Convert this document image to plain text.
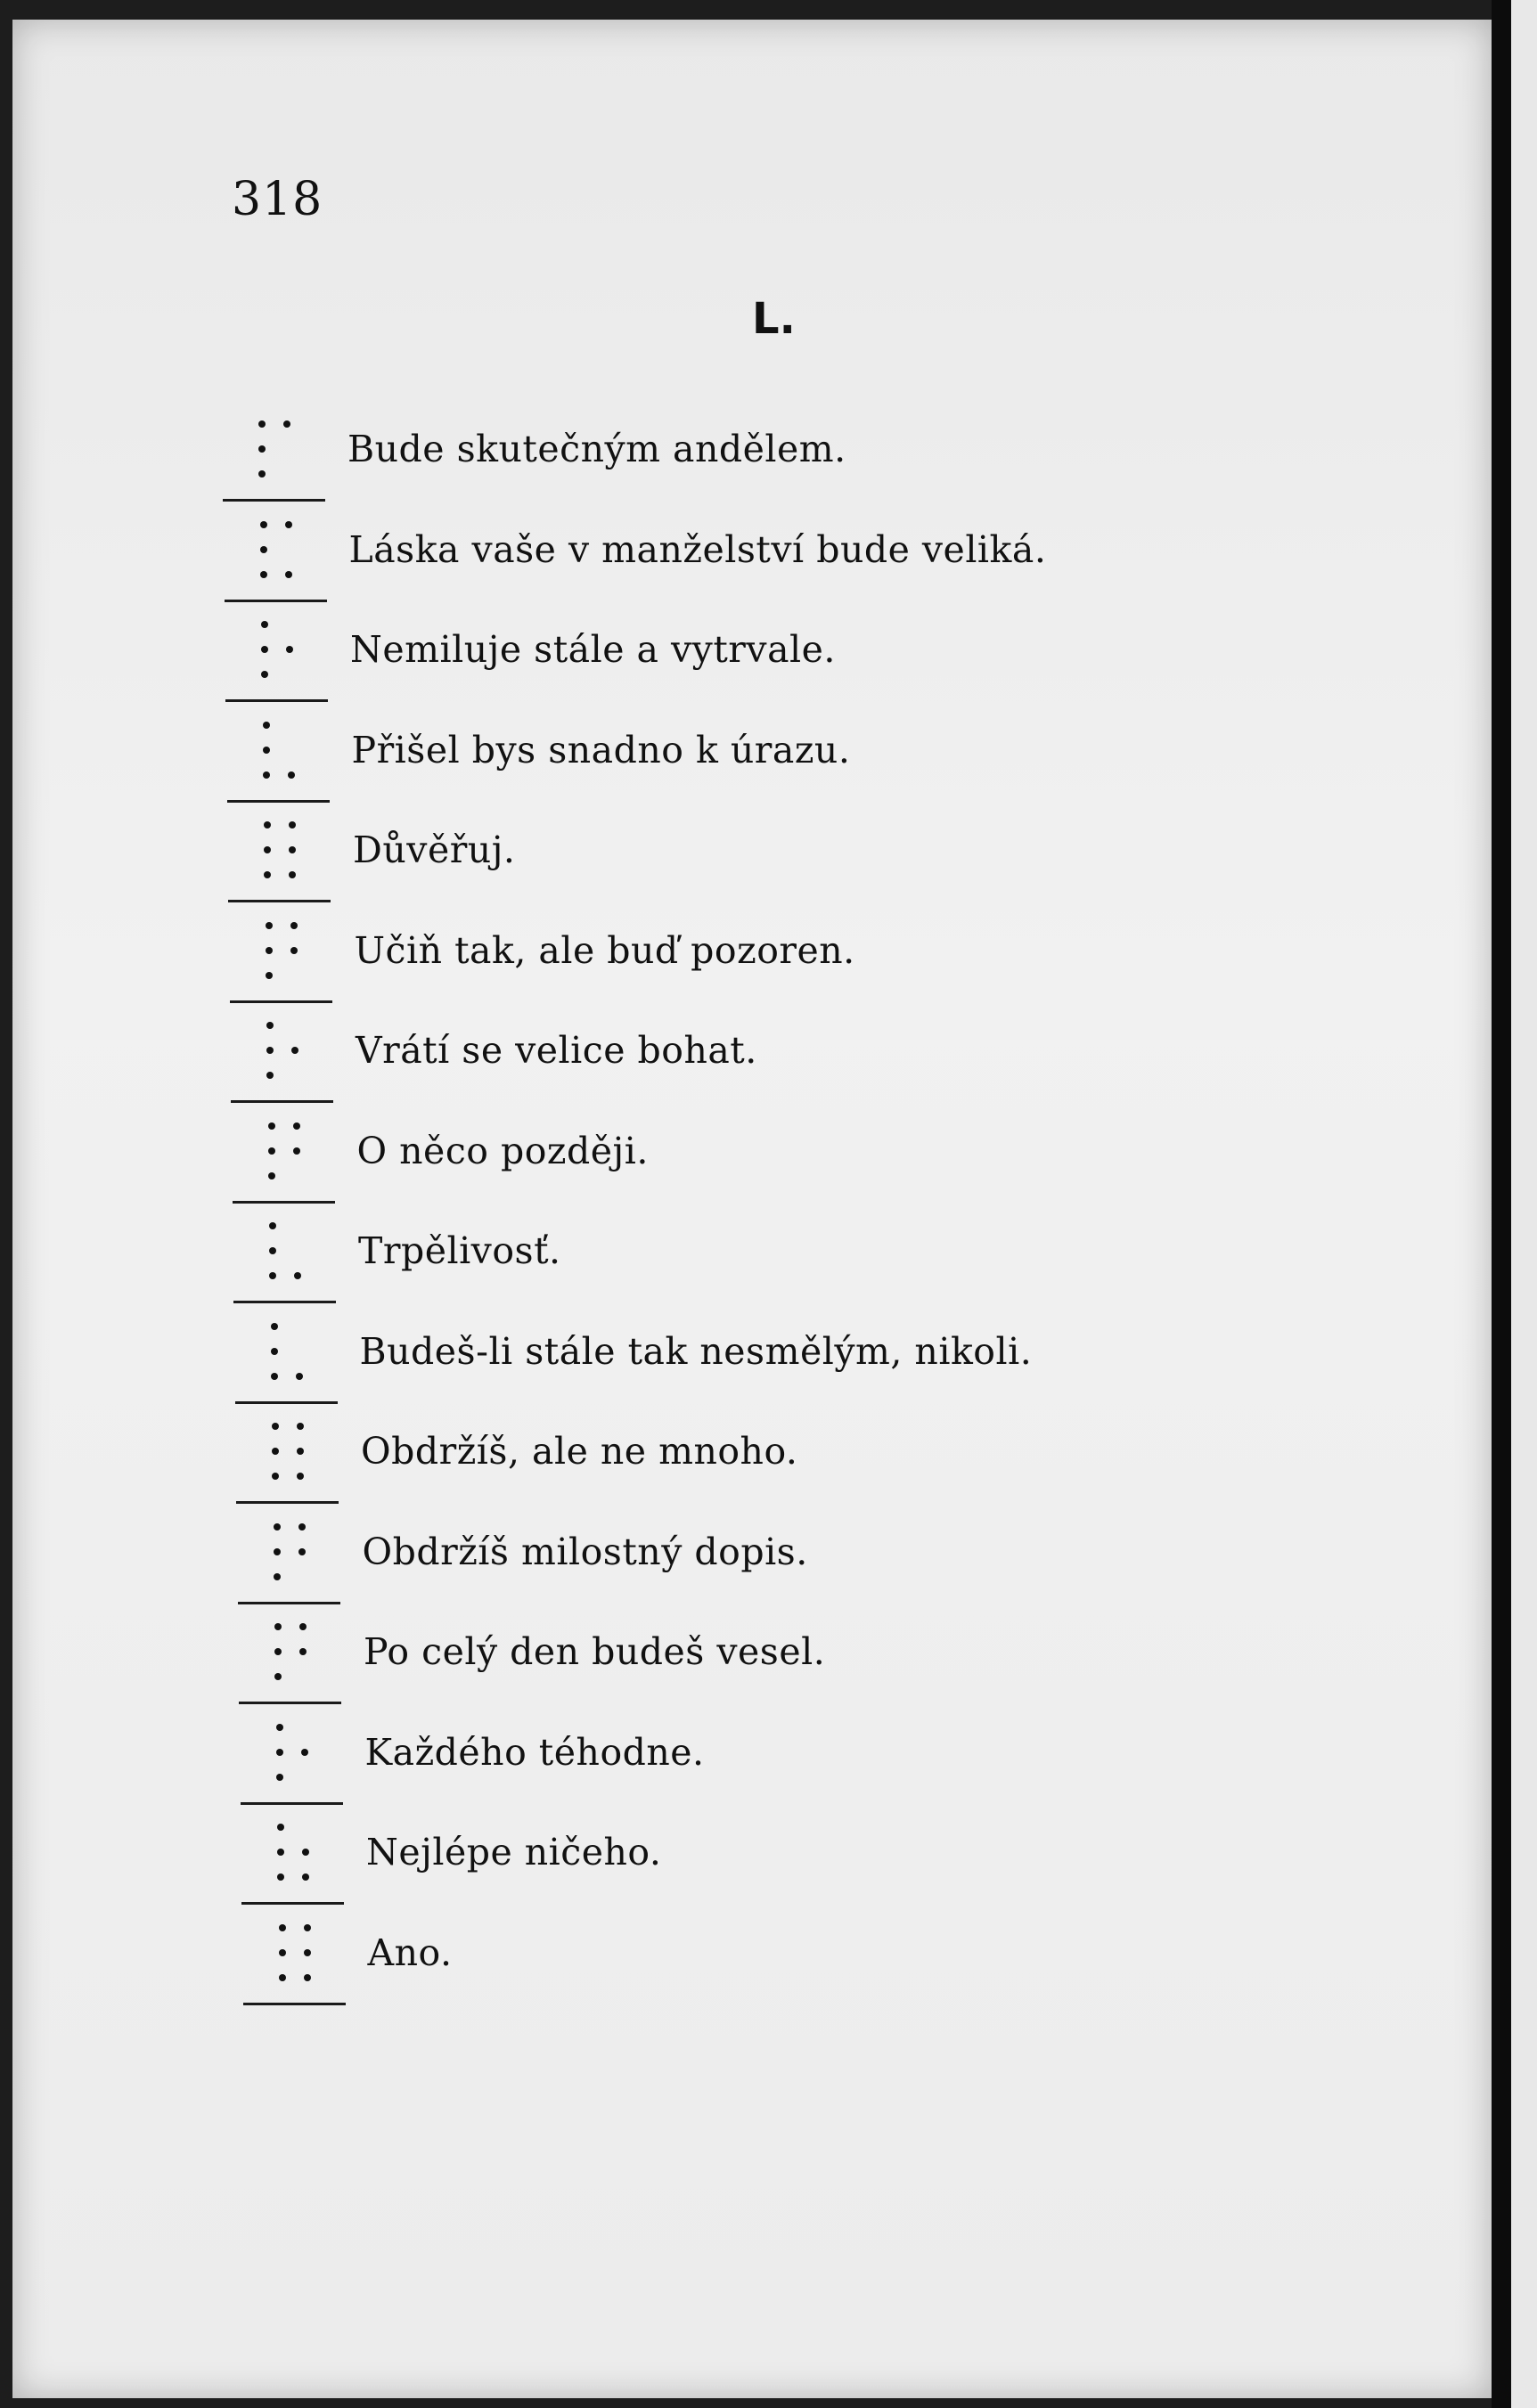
318
L.
Bude skutečným andělem.
Láska vaše v manželství bude veliká.
Nemiluje stále a vytrvale.
Přišel bys snadno k úrazu.
Důvěřuj.
Učiň tak, ale buď pozoren.
Vrátí se velice bohat.
O něco později.
Trpělivosť.
Budeš-li stále tak nesmělým, nikoli.
Obdržíš, ale ne mnoho.
Obdržíš milostný dopis.
Po celý den budeš vesel.
Každého téhodne.
Nejlépe ničeho.
Ano.
